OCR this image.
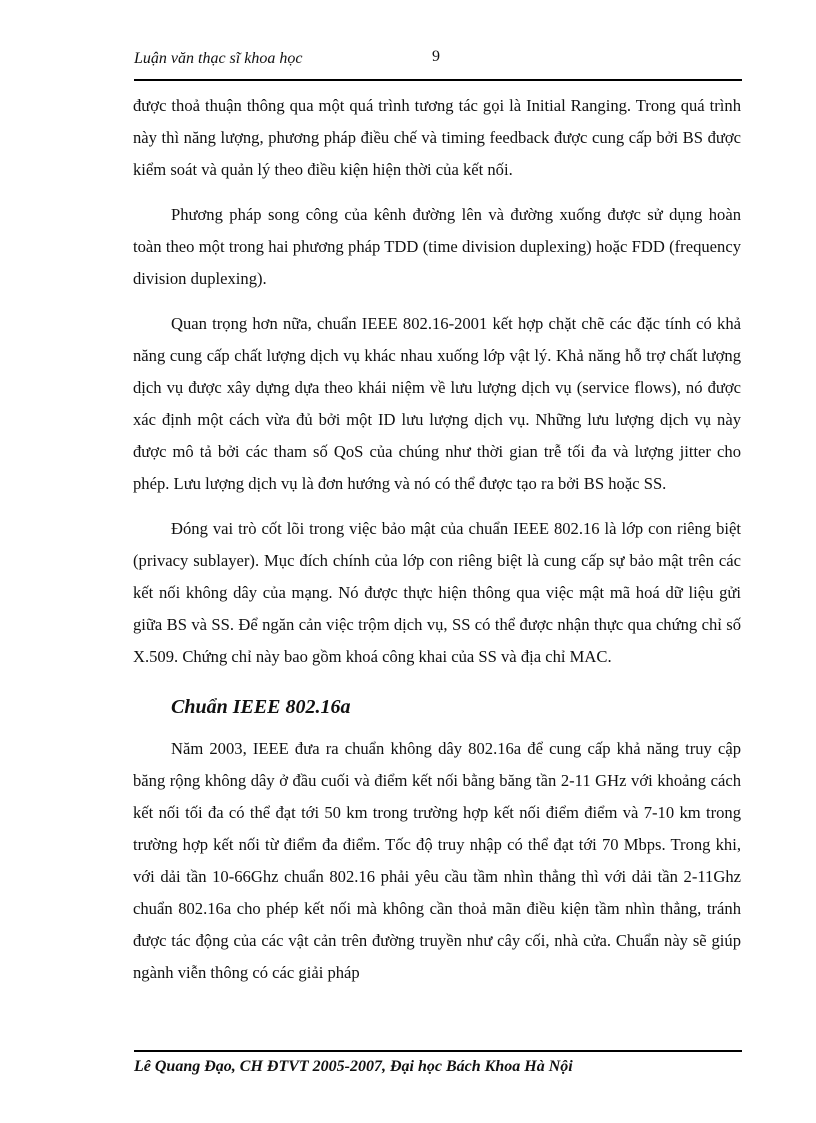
Luận văn thạc sĩ khoa học	9

được thoả thuận thông qua một quá trình tương tác gọi là Initial Ranging. Trong quá trình này thì năng lượng, phương pháp điều chế và timing feedback được cung cấp bởi BS được kiểm soát và quản lý theo điều kiện hiện thời của kết nối.

Phương pháp song công của kênh đường lên và đường xuống được sử dụng hoàn toàn theo một trong hai phương pháp TDD (time division duplexing) hoặc FDD (frequency division duplexing).

Quan trọng hơn nữa, chuẩn IEEE 802.16-2001 kết hợp chặt chẽ các đặc tính có khả năng cung cấp chất lượng dịch vụ khác nhau xuống lớp vật lý. Khả năng hỗ trợ chất lượng dịch vụ được xây dựng dựa theo khái niệm về lưu lượng dịch vụ (service flows), nó được xác định một cách vừa đủ bởi một ID lưu lượng dịch vụ. Những lưu lượng dịch vụ này được mô tả bởi các tham số QoS của chúng như thời gian trễ tối đa và lượng jitter cho phép. Lưu lượng dịch vụ là đơn hướng và nó có thể được tạo ra bởi BS hoặc SS.

Đóng vai trò cốt lõi trong việc bảo mật của chuẩn IEEE 802.16 là lớp con riêng biệt (privacy sublayer). Mục đích chính của lớp con riêng biệt là cung cấp sự bảo mật trên các kết nối không dây của mạng. Nó được thực hiện thông qua việc mật mã hoá dữ liệu gửi giữa BS và SS. Để ngăn cản việc trộm dịch vụ, SS có thể được nhận thực qua chứng chỉ số X.509. Chứng chỉ này bao gồm khoá công khai của SS và địa chỉ MAC.

Chuẩn IEEE 802.16a

Năm 2003, IEEE đưa ra chuẩn không dây 802.16a để cung cấp khả năng truy cập băng rộng không dây ở đầu cuối và điểm kết nối bằng băng tần 2-11 GHz với khoảng cách kết nối tối đa có thể đạt tới 50 km trong trường hợp kết nối điểm điểm và 7-10 km trong trường hợp kết nối từ điểm đa điểm. Tốc độ truy nhập có thể đạt tới 70 Mbps. Trong khi, với dải tần 10-66Ghz chuẩn 802.16 phải yêu cầu tầm nhìn thẳng thì với dải tần 2-11Ghz chuẩn 802.16a cho phép kết nối mà không cần thoả mãn điều kiện tầm nhìn thẳng, tránh được tác động của các vật cản trên đường truyền như cây cối, nhà cửa. Chuẩn này sẽ giúp ngành viễn thông có các giải pháp

Lê Quang Đạo, CH ĐTVT 2005-2007, Đại học Bách Khoa Hà Nội
